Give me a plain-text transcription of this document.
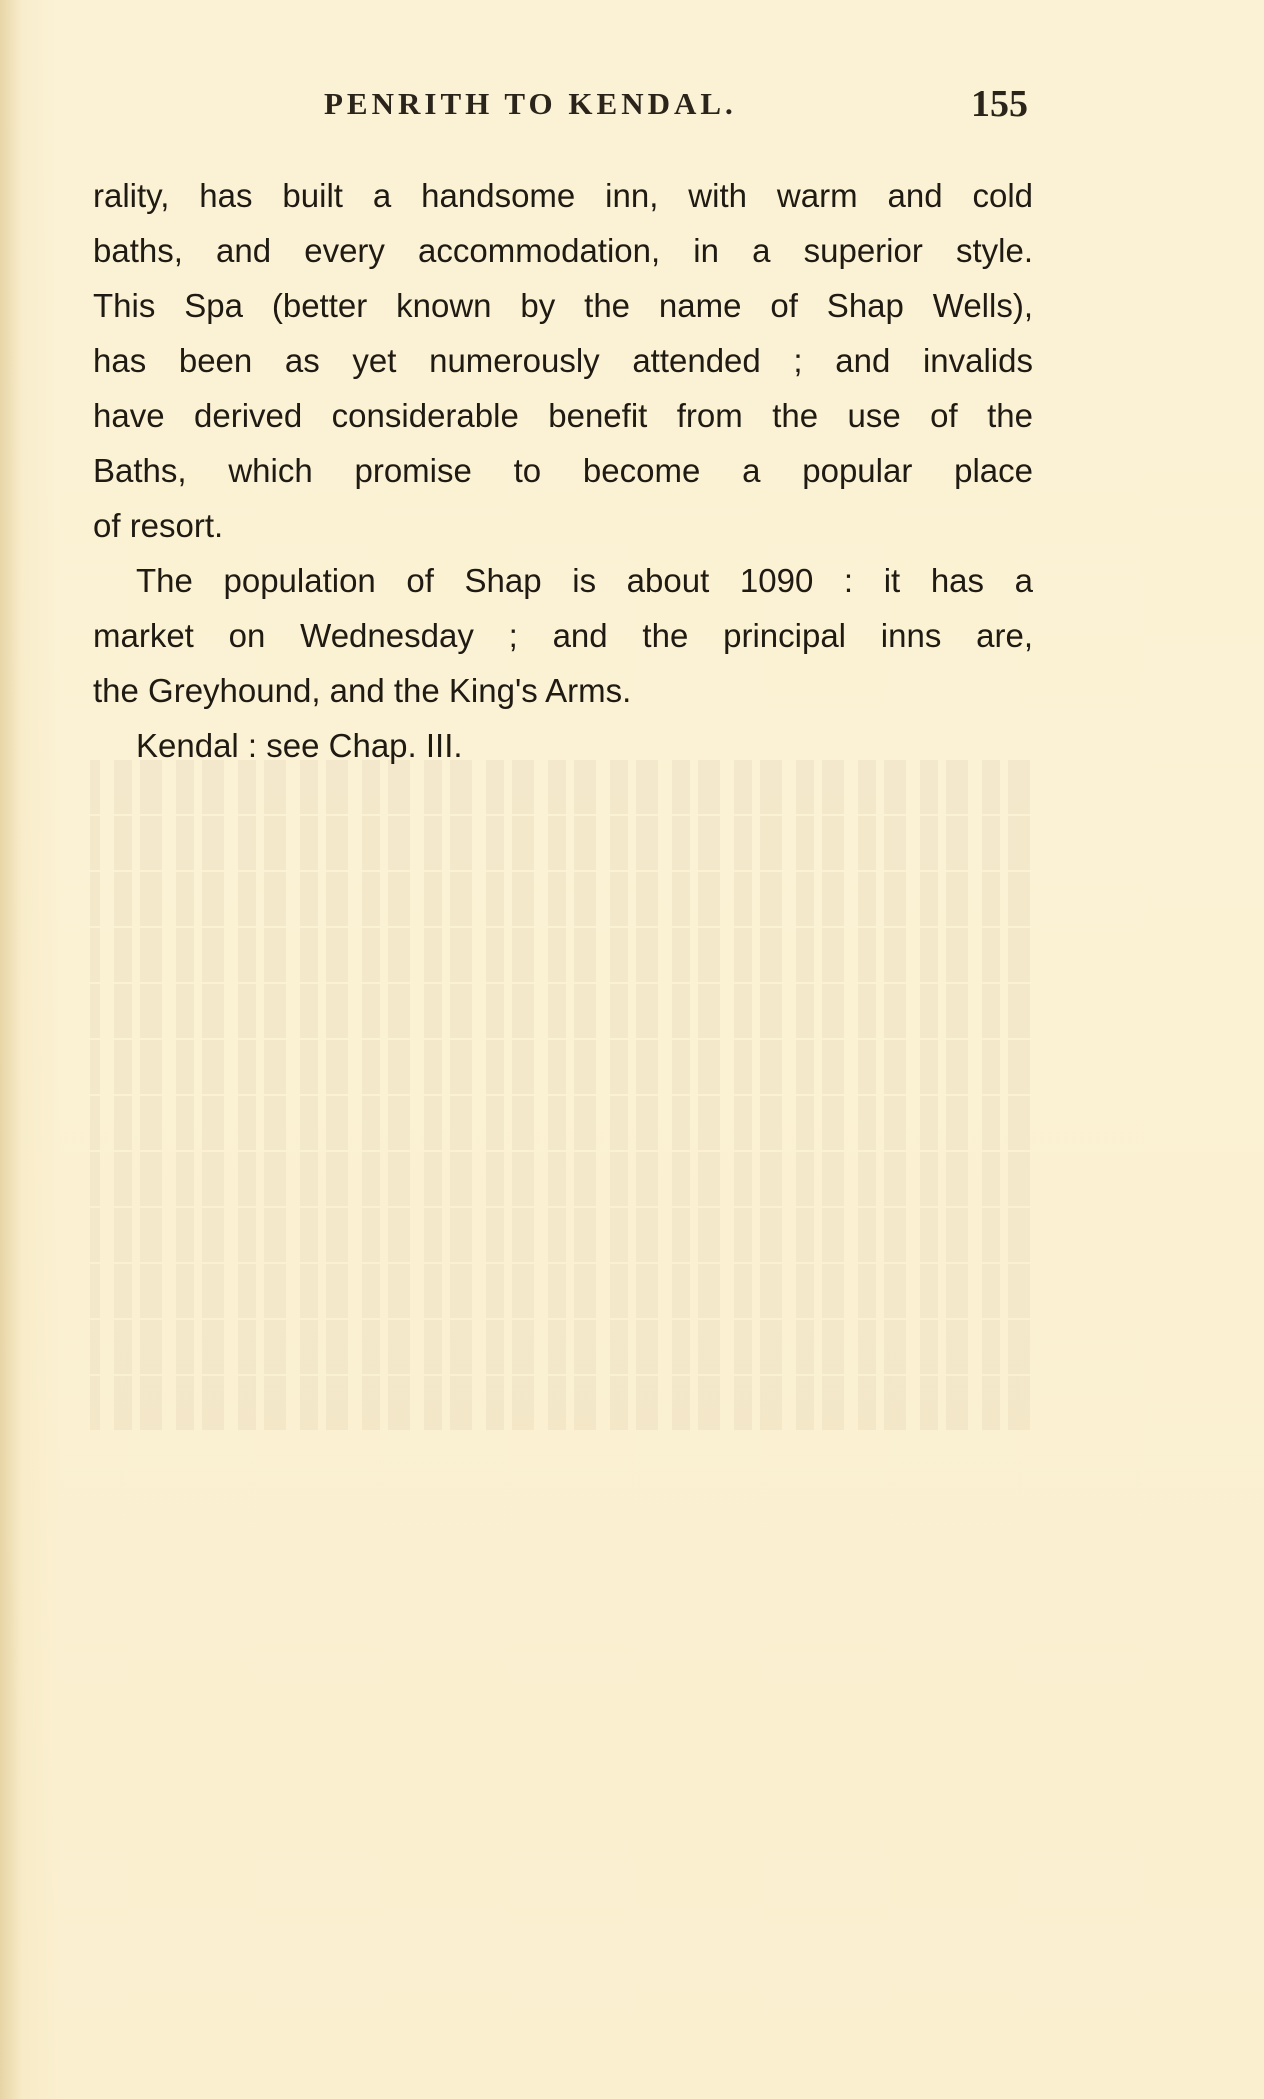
PENRITH TO KENDAL.	155
rality, has built a handsome inn, with warm and cold
baths, and every accommodation, in a superior style.
This Spa (better known by the name of Shap Wells),
has been as yet numerously attended ; and invalids
have derived considerable benefit from the use of the
Baths, which promise to become a popular place
of resort.
The population of Shap is about 1090 : it has a
market on Wednesday ; and the principal inns are,
the Greyhound, and the King's Arms.
Kendal : see Chap. III.
